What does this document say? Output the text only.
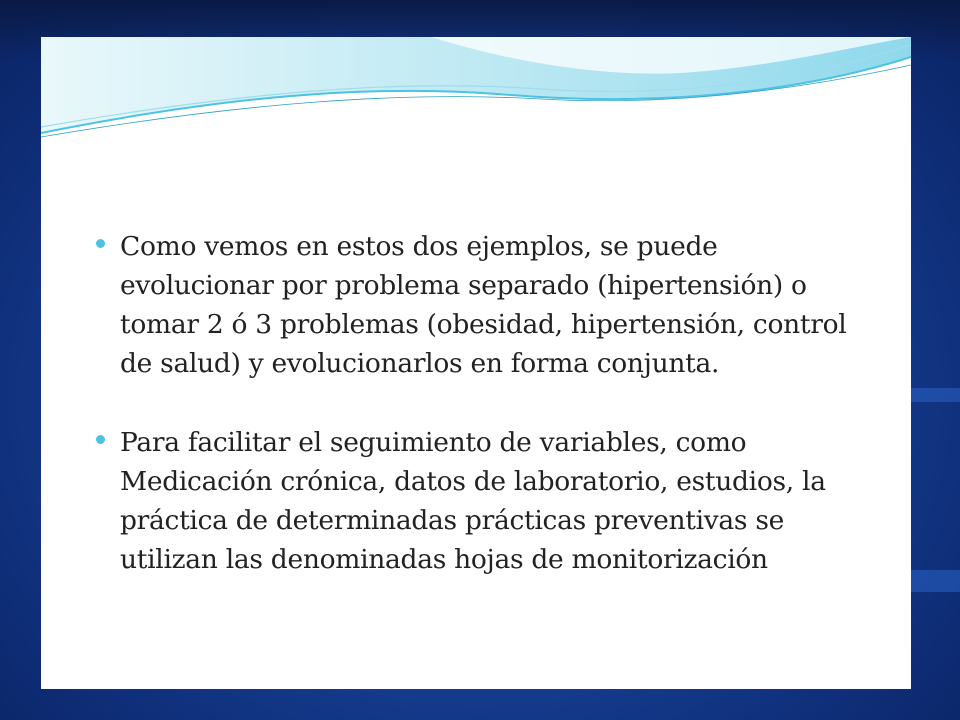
Como vemos en estos dos ejemplos, se puede evolucionar por problema separado (hipertensión) o tomar 2 ó 3 problemas (obesidad, hipertensión, control de salud) y evolucionarlos en forma conjunta.
Para facilitar el seguimiento de variables, como Medicación crónica, datos de laboratorio, estudios, la práctica de determinadas prácticas preventivas se utilizan las denominadas hojas de monitorización
